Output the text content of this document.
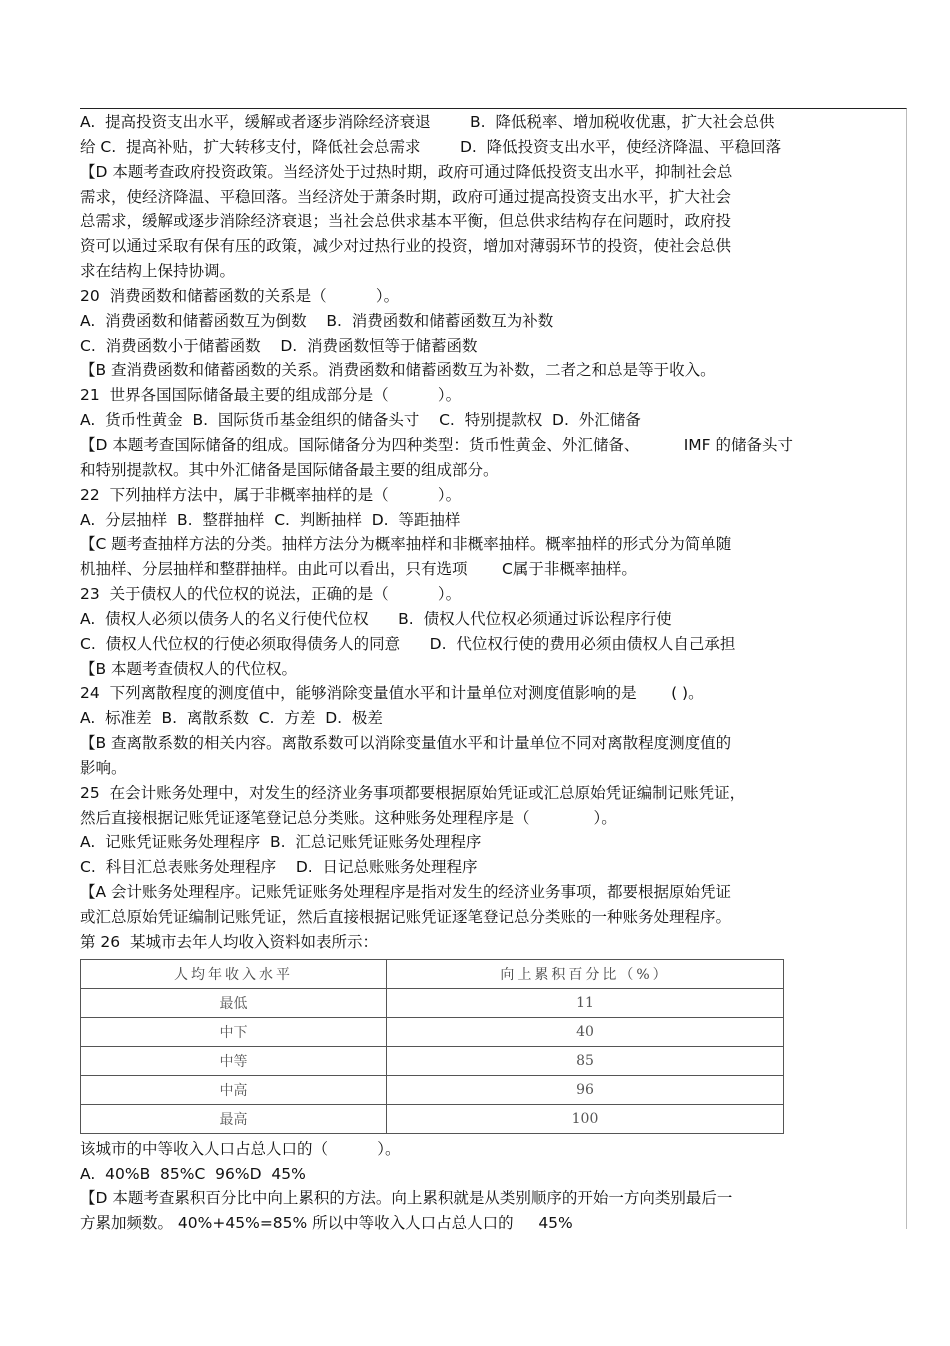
A.  提高投资支出水平，缓解或者逐步消除经济衰退        B.  降低税率、增加税收优惠，扩大社会总供
给 C.  提高补贴，扩大转移支付，降低社会总需求        D.  降低投资支出水平，使经济降温、平稳回落
【D 本题考查政府投资政策。当经济处于过热时期，政府可通过降低投资支出水平，抑制社会总
需求，使经济降温、平稳回落。当经济处于萧条时期，政府可通过提高投资支出水平，扩大社会
总需求，缓解或逐步消除经济衰退；当社会总供求基本平衡，但总供求结构存在问题时，政府投
资可以通过采取有保有压的政策，减少对过热行业的投资，增加对薄弱环节的投资，使社会总供
求在结构上保持协调。
20  消费函数和储蓄函数的关系是（          ）。
A.  消费函数和储蓄函数互为倒数    B.  消费函数和储蓄函数互为补数
C.  消费函数小于储蓄函数    D.  消费函数恒等于储蓄函数
【B 查消费函数和储蓄函数的关系。消费函数和储蓄函数互为补数，二者之和总是等于收入。
21  世界各国国际储备最主要的组成部分是（          ）。
A.  货币性黄金  B.  国际货币基金组织的储备头寸    C.  特别提款权  D.  外汇储备
【D 本题考查国际储备的组成。国际储备分为四种类型：货币性黄金、外汇储备、         IMF 的储备头寸
和特别提款权。其中外汇储备是国际储备最主要的组成部分。
22  下列抽样方法中，属于非概率抽样的是（          ）。
A.  分层抽样  B.  整群抽样  C.  判断抽样  D.  等距抽样
【C 题考查抽样方法的分类。抽样方法分为概率抽样和非概率抽样。概率抽样的形式分为简单随
机抽样、分层抽样和整群抽样。由此可以看出，只有选项       C属于非概率抽样。
23  关于债权人的代位权的说法，正确的是（          ）。
A.  债权人必须以债务人的名义行使代位权      B.  债权人代位权必须通过诉讼程序行使
C.  债权人代位权的行使必须取得债务人的同意      D.  代位权行使的费用必须由债权人自己承担
【B 本题考查债权人的代位权。
24  下列离散程度的测度值中，能够消除变量值水平和计量单位对测度值影响的是       ( )。
A.  标准差  B.  离散系数  C.  方差  D.  极差
【B 查离散系数的相关内容。离散系数可以消除变量值水平和计量单位不同对离散程度测度值的
影响。
25  在会计账务处理中，对发生的经济业务事项都要根据原始凭证或汇总原始凭证编制记账凭证，
然后直接根据记账凭证逐笔登记总分类账。这种账务处理程序是（             ）。
A.  记账凭证账务处理程序  B.  汇总记账凭证账务处理程序
C.  科目汇总表账务处理程序    D.  日记总账账务处理程序
【A 会计账务处理程序。记账凭证账务处理程序是指对发生的经济业务事项，都要根据原始凭证
或汇总原始凭证编制记账凭证，然后直接根据记账凭证逐笔登记总分类账的一种账务处理程序。
第 26  某城市去年人均收入资料如表所示：
人均年收入水平	向上累积百分比（%）
最低	11
中下	40
中等	85
中高	96
最高	100
该城市的中等收入人口占总人口的（          ）。
A.  40%B  85%C  96%D  45%
【D 本题考查累积百分比中向上累积的方法。向上累积就是从类别顺序的开始一方向类别最后一
方累加频数。 40%+45%=85% 所以中等收入人口占总人口的     45%
